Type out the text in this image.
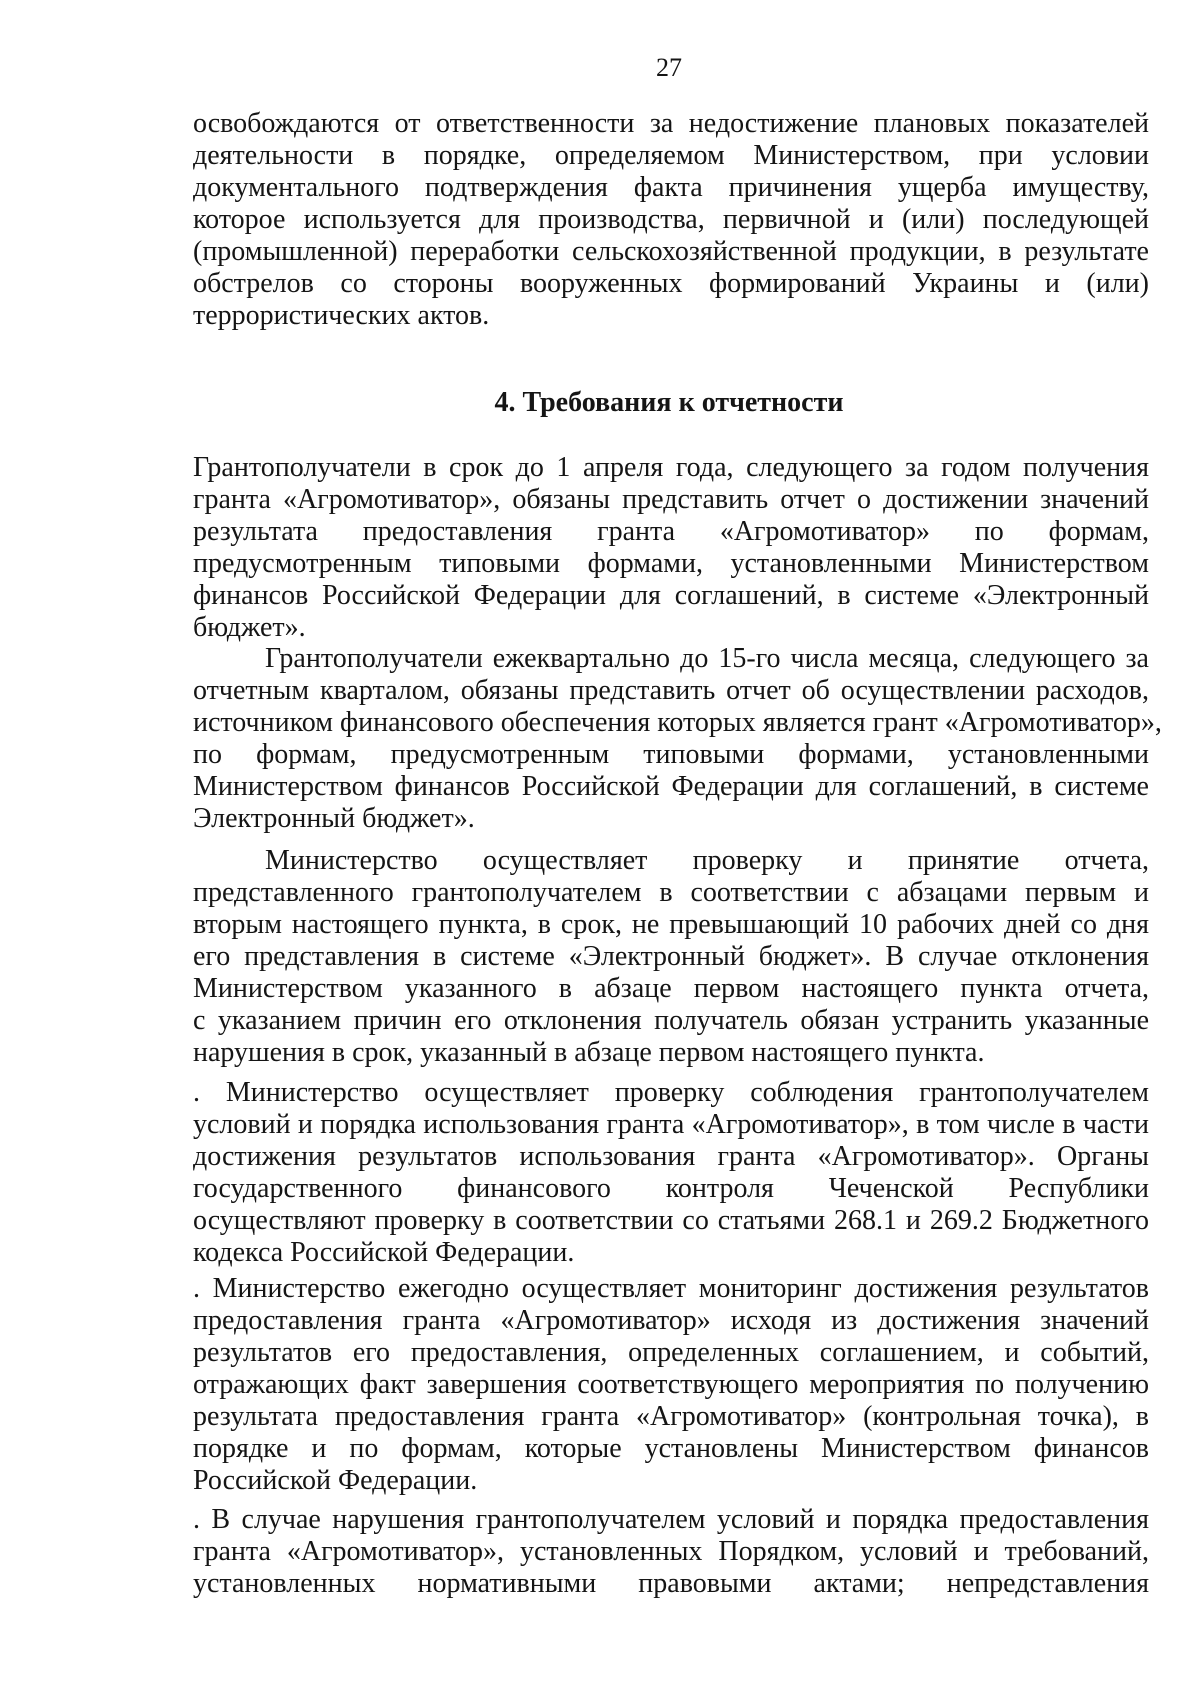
27
освобождаются от ответственности за недостижение плановых показателей
деятельности в порядке, определяемом Министерством, при условии
документального подтверждения факта причинения ущерба имуществу,
которое используется для производства, первичной и (или) последующей
(промышленной) переработки сельскохозяйственной продукции, в результате
обстрелов со стороны вооруженных формирований Украины и (или)
террористических актов.
4. Требования к отчетности
Грантополучатели в срок до 1 апреля года, следующего за годом получения
гранта «Агромотиватор», обязаны представить отчет о достижении значений
результата предоставления гранта «Агромотиватор» по формам,
предусмотренным типовыми формами, установленными Министерством
финансов Российской Федерации для соглашений, в системе «Электронный
бюджет».
Грантополучатели ежеквартально до 15-го числа месяца, следующего за
отчетным кварталом, обязаны представить отчет об осуществлении расходов,
источником финансового обеспечения которых является грант «Агромотиватор»,
по формам, предусмотренным типовыми формами, установленными
Министерством финансов Российской Федерации для соглашений, в системе
Электронный бюджет».
Министерство осуществляет проверку и принятие отчета,
представленного грантополучателем в соответствии с абзацами первым и
вторым настоящего пункта, в срок, не превышающий 10 рабочих дней со дня
его представления в системе «Электронный бюджет». В случае отклонения
Министерством указанного в абзаце первом настоящего пункта отчета,
с указанием причин его отклонения получатель обязан устранить указанные
нарушения в срок, указанный в абзаце первом настоящего пункта.
. Министерство осуществляет проверку соблюдения грантополучателем
условий и порядка использования гранта «Агромотиватор», в том числе в части
достижения результатов использования гранта «Агромотиватор». Органы
государственного финансового контроля Чеченской Республики
осуществляют проверку в соответствии со статьями 268.1 и 269.2 Бюджетного
кодекса Российской Федерации.
. Министерство ежегодно осуществляет мониторинг достижения результатов
предоставления гранта «Агромотиватор» исходя из достижения значений
результатов его предоставления, определенных соглашением, и событий,
отражающих факт завершения соответствующего мероприятия по получению
результата предоставления гранта «Агромотиватор» (контрольная точка), в
порядке и по формам, которые установлены Министерством финансов
Российской Федерации.
. В случае нарушения грантополучателем условий и порядка предоставления
гранта «Агромотиватор», установленных Порядком, условий и требований,
установленных нормативными правовыми актами; непредставления
